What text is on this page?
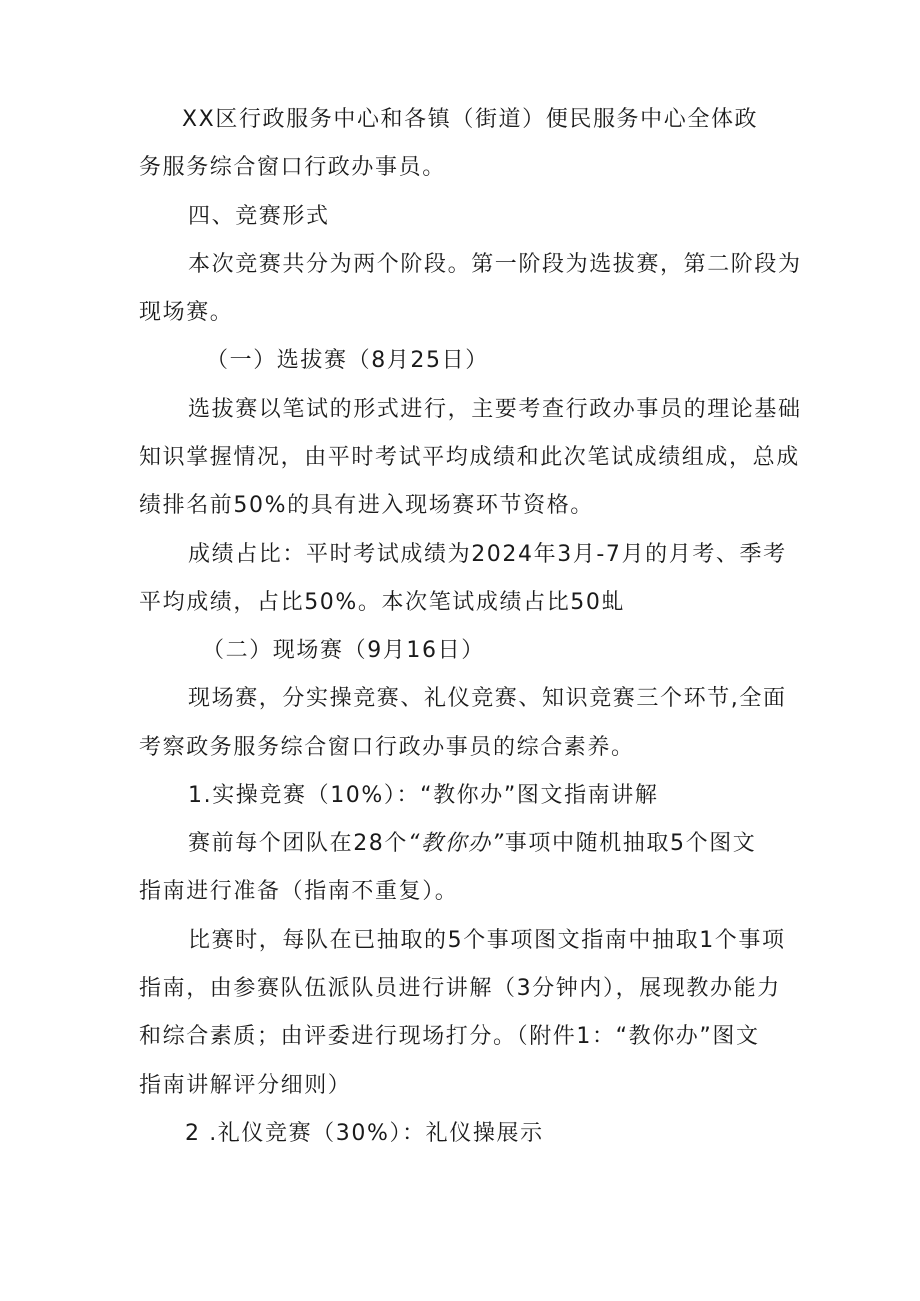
XX区行政服务中心和各镇（街道）便民服务中心全体政
务服务综合窗口行政办事员。
四、竞赛形式
本次竞赛共分为两个阶段。第一阶段为选拔赛，第二阶段为
现场赛。
（一）选拔赛（8月25日）
选拔赛以笔试的形式进行，主要考查行政办事员的理论基础
知识掌握情况，由平时考试平均成绩和此次笔试成绩组成，总成
绩排名前50%的具有进入现场赛环节资格。
成绩占比：平时考试成绩为2024年3月-7月的月考、季考
平均成绩，占比50%。本次笔试成绩占比50虬
（二）现场赛（9月16日）
现场赛，分实操竞赛、礼仪竞赛、知识竞赛三个环节,全面
考察政务服务综合窗口行政办事员的综合素养。
1.实操竞赛（10%）：“教你办”图文指南讲解
赛前每个团队在28个“教你办”事项中随机抽取5个图文
指南进行准备（指南不重复）。
比赛时，每队在已抽取的5个事项图文指南中抽取1个事项
指南，由参赛队伍派队员进行讲解（3分钟内），展现教办能力
和综合素质；由评委进行现场打分。（附件1：“教你办”图文
指南讲解评分细则）
2 .礼仪竞赛（30%）：礼仪操展示
